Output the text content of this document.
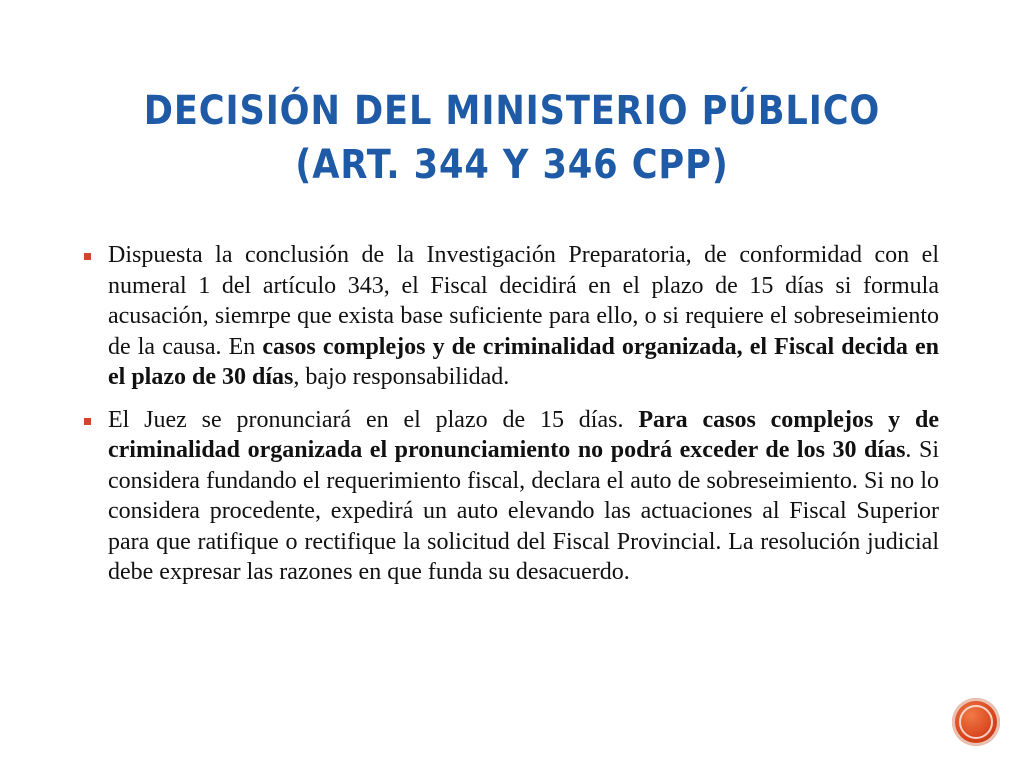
DECISIÓN DEL MINISTERIO PÚBLICO
(ART. 344 Y 346 CPP)

Dispuesta la conclusión de la Investigación Preparatoria, de conformidad con el numeral 1 del artículo 343, el Fiscal decidirá en el plazo de 15 días si formula acusación, siemrpe que exista base suficiente para ello, o si requiere el sobreseimiento de la causa. En casos complejos y de criminalidad organizada, el Fiscal decida en el plazo de 30 días, bajo responsabilidad.

El Juez se pronunciará en el plazo de 15 días. Para casos complejos y de criminalidad organizada el pronunciamiento no podrá exceder de los 30 días. Si considera fundando el requerimiento fiscal, declara el auto de sobreseimiento. Si no lo considera procedente, expedirá un auto elevando las actuaciones al Fiscal Superior para que ratifique o rectifique la solicitud del Fiscal Provincial. La resolución judicial debe expresar las razones en que funda su desacuerdo.
